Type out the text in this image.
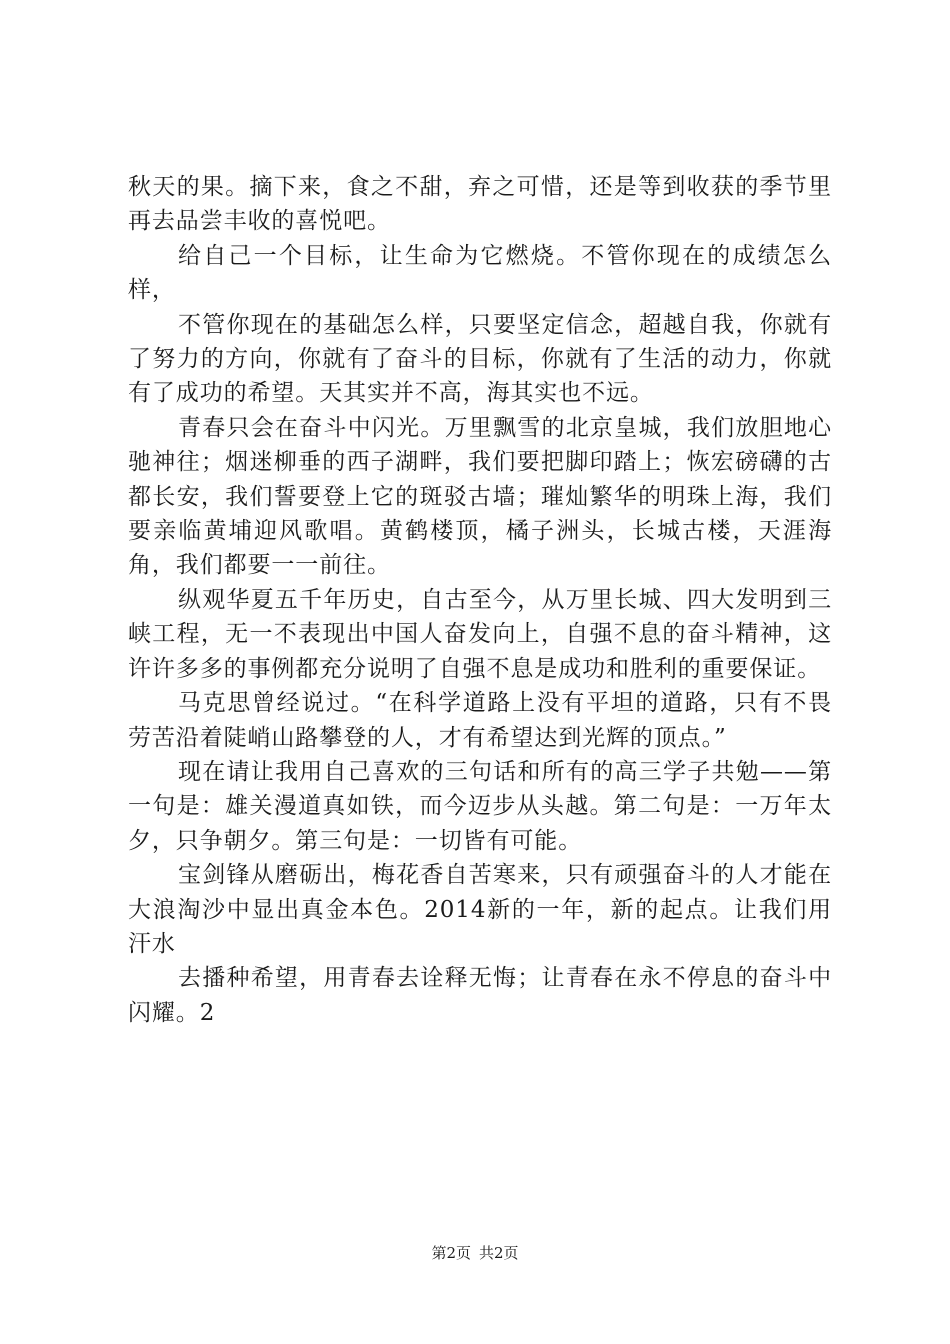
秋天的果。摘下来，食之不甜，弃之可惜，还是等到收获的季节里再去品尝丰收的喜悦吧。

给自己一个目标，让生命为它燃烧。不管你现在的成绩怎么样，

不管你现在的基础怎么样，只要坚定信念，超越自我，你就有了努力的方向，你就有了奋斗的目标，你就有了生活的动力，你就有了成功的希望。天其实并不高，海其实也不远。

青春只会在奋斗中闪光。万里飘雪的北京皇城，我们放胆地心驰神往；烟迷柳垂的西子湖畔，我们要把脚印踏上；恢宏磅礴的古都长安，我们誓要登上它的斑驳古墙；璀灿繁华的明珠上海，我们要亲临黄埔迎风歌唱。黄鹤楼顶，橘子洲头，长城古楼，天涯海角，我们都要一一前往。

纵观华夏五千年历史，自古至今，从万里长城、四大发明到三峡工程，无一不表现出中国人奋发向上，自强不息的奋斗精神，这许许多多的事例都充分说明了自强不息是成功和胜利的重要保证。

马克思曾经说过。“在科学道路上没有平坦的道路，只有不畏劳苦沿着陡峭山路攀登的人，才有希望达到光辉的顶点。”

现在请让我用自己喜欢的三句话和所有的高三学子共勉——第一句是：雄关漫道真如铁，而今迈步从头越。第二句是：一万年太夕，只争朝夕。第三句是：一切皆有可能。

宝剑锋从磨砺出，梅花香自苦寒来，只有顽强奋斗的人才能在大浪淘沙中显出真金本色。2014新的一年，新的起点。让我们用汗水

去播种希望，用青春去诠释无悔；让青春在永不停息的奋斗中闪耀。2

第2页 共2页
